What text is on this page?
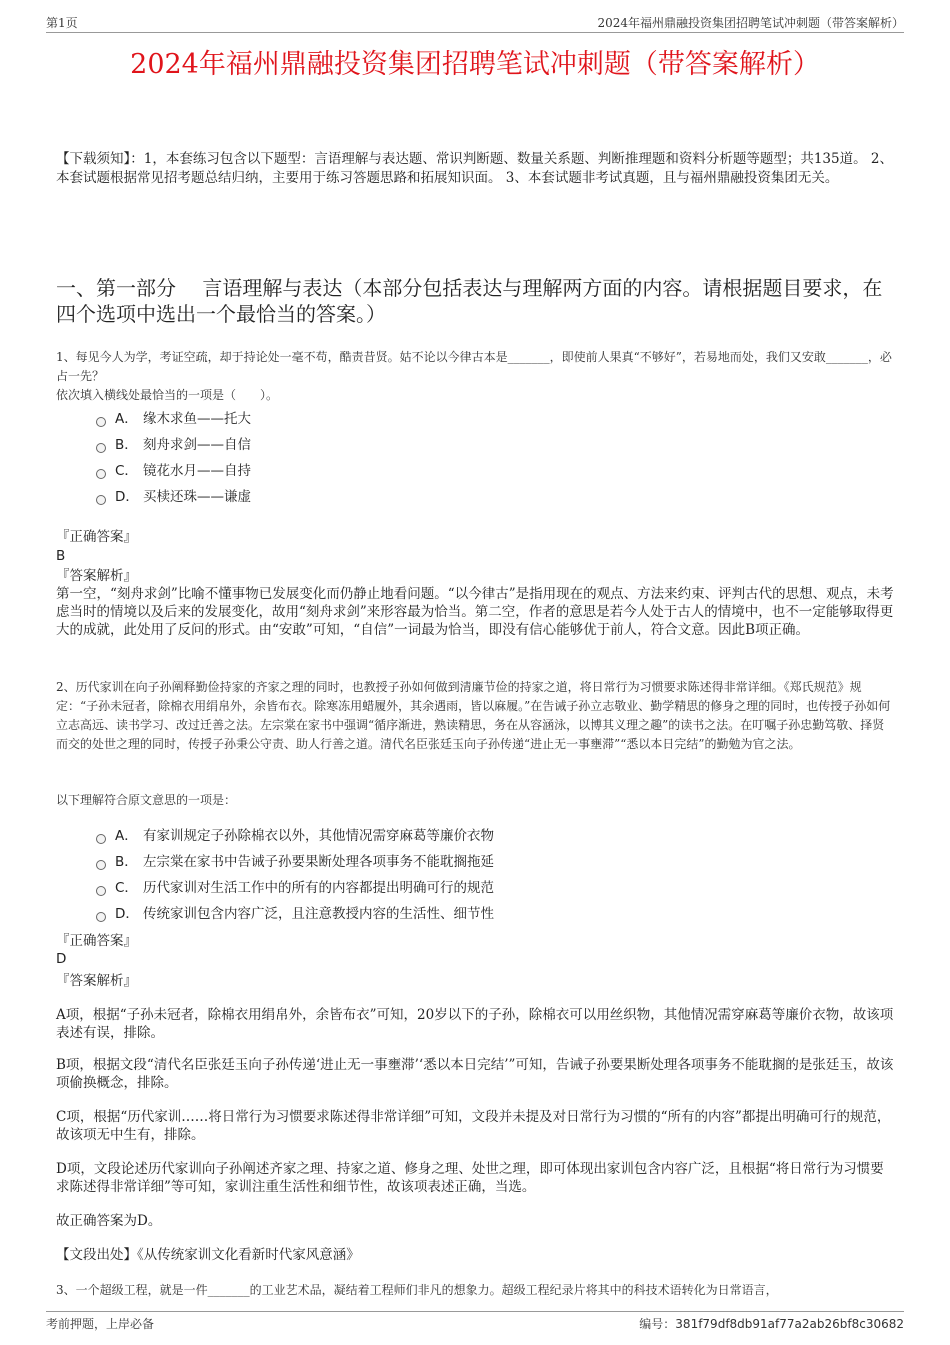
第1页	2024年福州鼎融投资集团招聘笔试冲刺题（带答案解析）
2024年福州鼎融投资集团招聘笔试冲刺题（带答案解析）
【下载须知】：1，本套练习包含以下题型：言语理解与表达题、常识判断题、数量关系题、判断推理题和资料分析题等题型；共135道。 2、本套试题根据常见招考题总结归纳，主要用于练习答题思路和拓展知识面。 3、本套试题非考试真题，且与福州鼎融投资集团无关。
一、第一部分　 言语理解与表达（本部分包括表达与理解两方面的内容。请根据题目要求，在四个选项中选出一个最恰当的答案。）
1、每见今人为学，考证空疏，却于持论处一毫不苟，酷责昔贤。姑不论以今律古本是_______，即使前人果真“不够好”，若易地而处，我们又安敢_______，必占一先？
依次填入横线处最恰当的一项是（　　）。
A． 缘木求鱼——托大
B． 刻舟求剑——自信
C． 镜花水月——自持
D． 买椟还珠——谦虚
『正确答案』
B
『答案解析』
第一空，“刻舟求剑”比喻不懂事物已发展变化而仍静止地看问题。“以今律古”是指用现在的观点、方法来约束、评判古代的思想、观点，未考虑当时的情境以及后来的发展变化，故用“刻舟求剑”来形容最为恰当。第二空，作者的意思是若今人处于古人的情境中，也不一定能够取得更大的成就，此处用了反问的形式。由“安敢”可知，“自信”一词最为恰当，即没有信心能够优于前人，符合文意。因此B项正确。
2、历代家训在向子孙阐释勤俭持家的齐家之理的同时，也教授子孙如何做到清廉节俭的持家之道，将日常行为习惯要求陈述得非常详细。《郑氏规范》规定：“子孙未冠者，除棉衣用绢帛外，余皆布衣。除寒冻用蜡履外，其余遇雨，皆以麻履。”在告诫子孙立志敬业、勤学精思的修身之理的同时，也传授子孙如何立志高远、读书学习、改过迁善之法。左宗棠在家书中强调“循序渐进，熟读精思，务在从容涵泳，以博其义理之趣”的读书之法。在叮嘱子孙忠勤笃敬、择贤而交的处世之理的同时，传授子孙秉公守责、助人行善之道。清代名臣张廷玉向子孙传递“进止无一事壅滞”“悉以本日完结”的勤勉为官之法。
以下理解符合原文意思的一项是：
A． 有家训规定子孙除棉衣以外，其他情况需穿麻葛等廉价衣物
B． 左宗棠在家书中告诫子孙要果断处理各项事务不能耽搁拖延
C． 历代家训对生活工作中的所有的内容都提出明确可行的规范
D． 传统家训包含内容广泛，且注意教授内容的生活性、细节性
『正确答案』
D
『答案解析』
A项，根据“子孙未冠者，除棉衣用绢帛外，余皆布衣”可知，20岁以下的子孙，除棉衣可以用丝织物，其他情况需穿麻葛等廉价衣物，故该项表述有误，排除。
B项，根据文段“清代名臣张廷玉向子孙传递‘进止无一事壅滞’‘悉以本日完结’”可知，告诫子孙要果断处理各项事务不能耽搁的是张廷玉，故该项偷换概念，排除。
C项，根据“历代家训……将日常行为习惯要求陈述得非常详细”可知，文段并未提及对日常行为习惯的“所有的内容”都提出明确可行的规范，故该项无中生有，排除。
D项，文段论述历代家训向子孙阐述齐家之理、持家之道、修身之理、处世之理，即可体现出家训包含内容广泛，且根据“将日常行为习惯要求陈述得非常详细”等可知，家训注重生活性和细节性，故该项表述正确，当选。
故正确答案为D。
【文段出处】《从传统家训文化看新时代家风意涵》
3、一个超级工程，就是一件_______的工业艺术品，凝结着工程师们非凡的想象力。超级工程纪录片将其中的科技术语转化为日常语言，
考前押题，上岸必备	编号：381f79df8db91af77a2ab26bf8c30682
